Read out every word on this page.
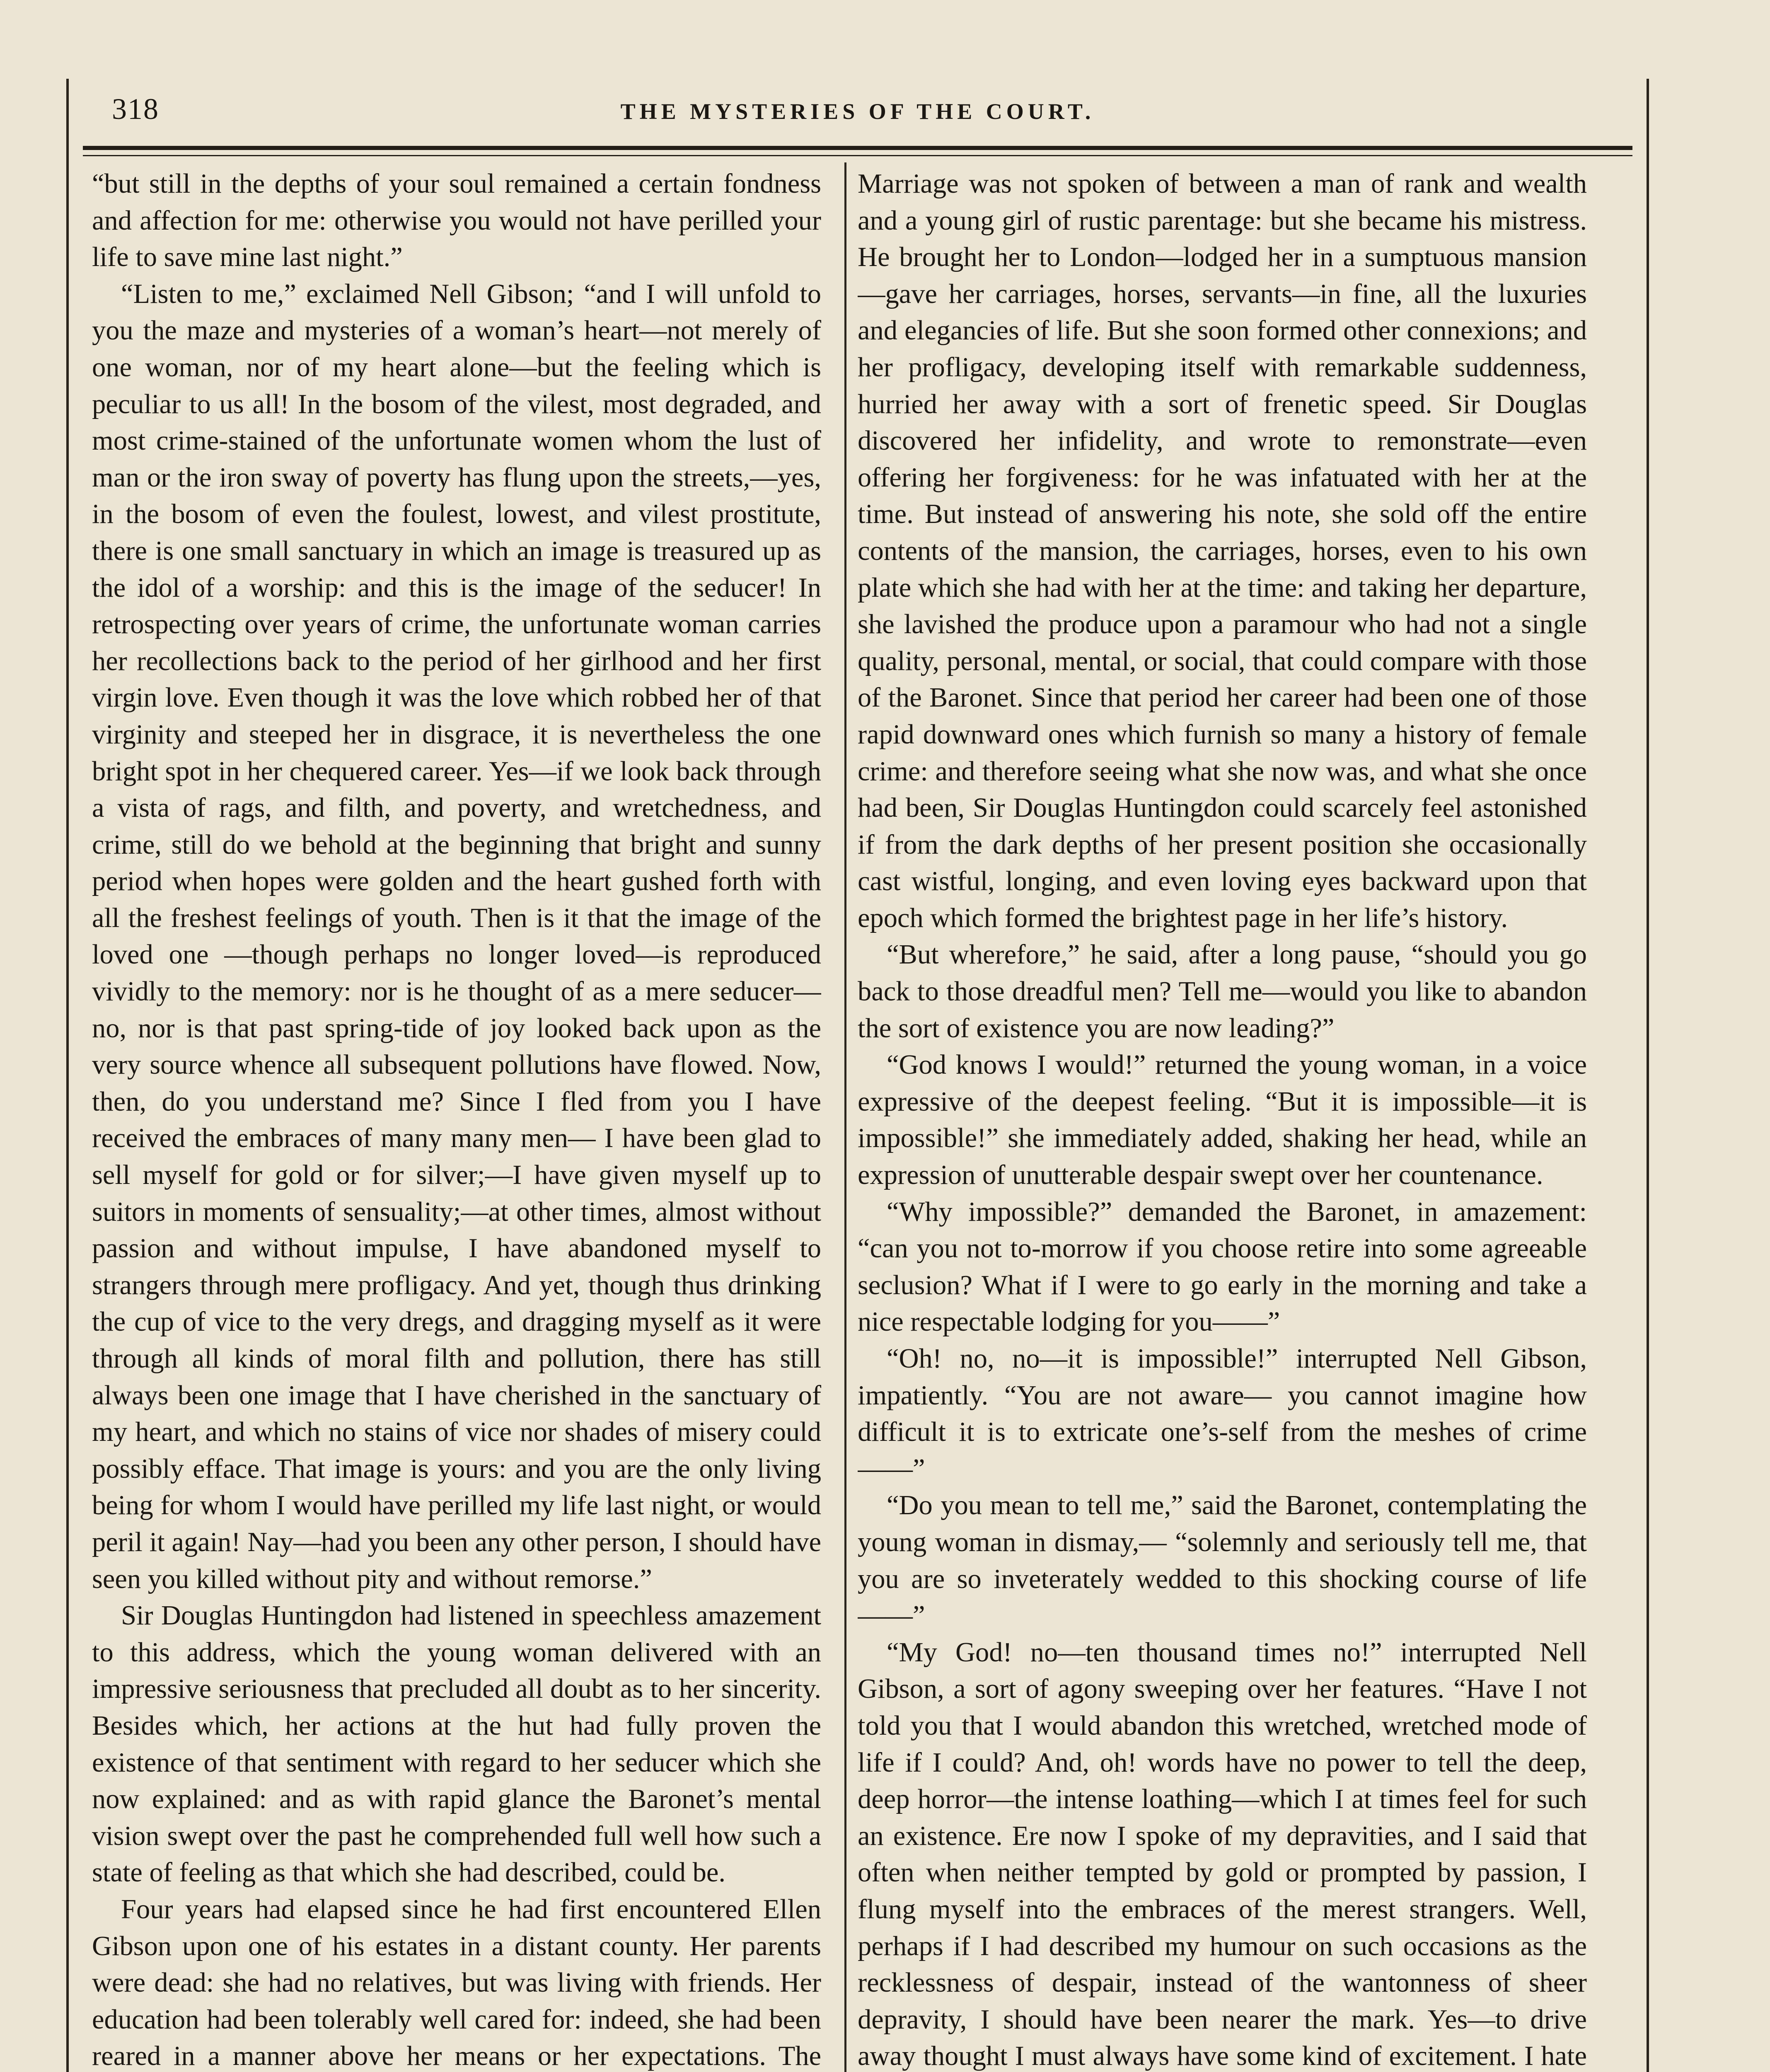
318	THE MYSTERIES OF THE COURT.

“but still in the depths of your soul remained a certain fondness and affection for me: otherwise you would not have perilled your life to save mine last night.”

“Listen to me,” exclaimed Nell Gibson; “and I will unfold to you the maze and mysteries of a woman’s heart—not merely of one woman, nor of my heart alone—but the feeling which is peculiar to us all! In the bosom of the vilest, most degraded, and most crime-stained of the unfortunate women whom the lust of man or the iron sway of poverty has flung upon the streets,—yes, in the bosom of even the foulest, lowest, and vilest prostitute, there is one small sanctuary in which an image is treasured up as the idol of a worship: and this is the image of the seducer! In retrospecting over years of crime, the unfortunate woman carries her recollections back to the period of her girlhood and her first virgin love. Even though it was the love which robbed her of that virginity and steeped her in disgrace, it is nevertheless the one bright spot in her chequered career. Yes—if we look back through a vista of rags, and filth, and poverty, and wretchedness, and crime, still do we behold at the beginning that bright and sunny period when hopes were golden and the heart gushed forth with all the freshest feelings of youth. Then is it that the image of the loved one —though perhaps no longer loved—is reproduced vividly to the memory: nor is he thought of as a mere seducer—no, nor is that past spring-tide of joy looked back upon as the very source whence all subsequent pollutions have flowed. Now, then, do you understand me? Since I fled from you I have received the embraces of many many men— I have been glad to sell myself for gold or for silver;—I have given myself up to suitors in moments of sensuality;—at other times, almost without passion and without impulse, I have abandoned myself to strangers through mere profligacy. And yet, though thus drinking the cup of vice to the very dregs, and dragging myself as it were through all kinds of moral filth and pollution, there has still always been one image that I have cherished in the sanctuary of my heart, and which no stains of vice nor shades of misery could possibly efface. That image is yours: and you are the only living being for whom I would have perilled my life last night, or would peril it again! Nay—had you been any other person, I should have seen you killed without pity and without remorse.”

Sir Douglas Huntingdon had listened in speechless amazement to this address, which the young woman delivered with an impressive seriousness that precluded all doubt as to her sincerity. Besides which, her actions at the hut had fully proven the existence of that sentiment with regard to her seducer which she now explained: and as with rapid glance the Baronet’s mental vision swept over the past he comprehended full well how such a state of feeling as that which she had described, could be.

Four years had elapsed since he had first encountered Ellen Gibson upon one of his estates in a distant county. Her parents were dead: she had no relatives, but was living with friends. Her education had been tolerably well cared for: indeed, she had been reared in a manner above her means or her expectations. The

Marriage was not spoken of between a man of rank and wealth and a young girl of rustic parentage: but she became his mistress. He brought her to London—lodged her in a sumptuous mansion —gave her carriages, horses, servants—in fine, all the luxuries and elegancies of life. But she soon formed other connexions; and her profligacy, developing itself with remarkable suddenness, hurried her away with a sort of frenetic speed. Sir Douglas discovered her infidelity, and wrote to remonstrate—even offering her forgiveness: for he was infatuated with her at the time. But instead of answering his note, she sold off the entire contents of the mansion, the carriages, horses, even to his own plate which she had with her at the time: and taking her departure, she lavished the produce upon a paramour who had not a single quality, personal, mental, or social, that could compare with those of the Baronet. Since that period her career had been one of those rapid downward ones which furnish so many a history of female crime: and therefore seeing what she now was, and what she once had been, Sir Douglas Huntingdon could scarcely feel astonished if from the dark depths of her present position she occasionally cast wistful, longing, and even loving eyes backward upon that epoch which formed the brightest page in her life’s history.

“But wherefore,” he said, after a long pause, “should you go back to those dreadful men? Tell me—would you like to abandon the sort of existence you are now leading?”

“God knows I would!” returned the young woman, in a voice expressive of the deepest feeling. “But it is impossible—it is impossible!” she immediately added, shaking her head, while an expression of unutterable despair swept over her countenance.

“Why impossible?” demanded the Baronet, in amazement: “can you not to-morrow if you choose retire into some agreeable seclusion? What if I were to go early in the morning and take a nice respectable lodging for you——”

“Oh! no, no—it is impossible!” interrupted Nell Gibson, impatiently. “You are not aware— you cannot imagine how difficult it is to extricate one’s-self from the meshes of crime——”

“Do you mean to tell me,” said the Baronet, contemplating the young woman in dismay,— “solemnly and seriously tell me, that you are so inveterately wedded to this shocking course of life——”

“My God! no—ten thousand times no!” interrupted Nell Gibson, a sort of agony sweeping over her features. “Have I not told you that I would abandon this wretched, wretched mode of life if I could? And, oh! words have no power to tell the deep, deep horror—the intense loathing—which I at times feel for such an existence. Ere now I spoke of my depravities, and I said that often when neither tempted by gold or prompted by passion, I flung myself into the embraces of the merest strangers. Well, perhaps if I had described my humour on such occasions as the recklessness of despair, instead of the wantonness of sheer depravity, I should have been nearer the mark. Yes—to drive away thought I must always have some kind of excitement. I hate
